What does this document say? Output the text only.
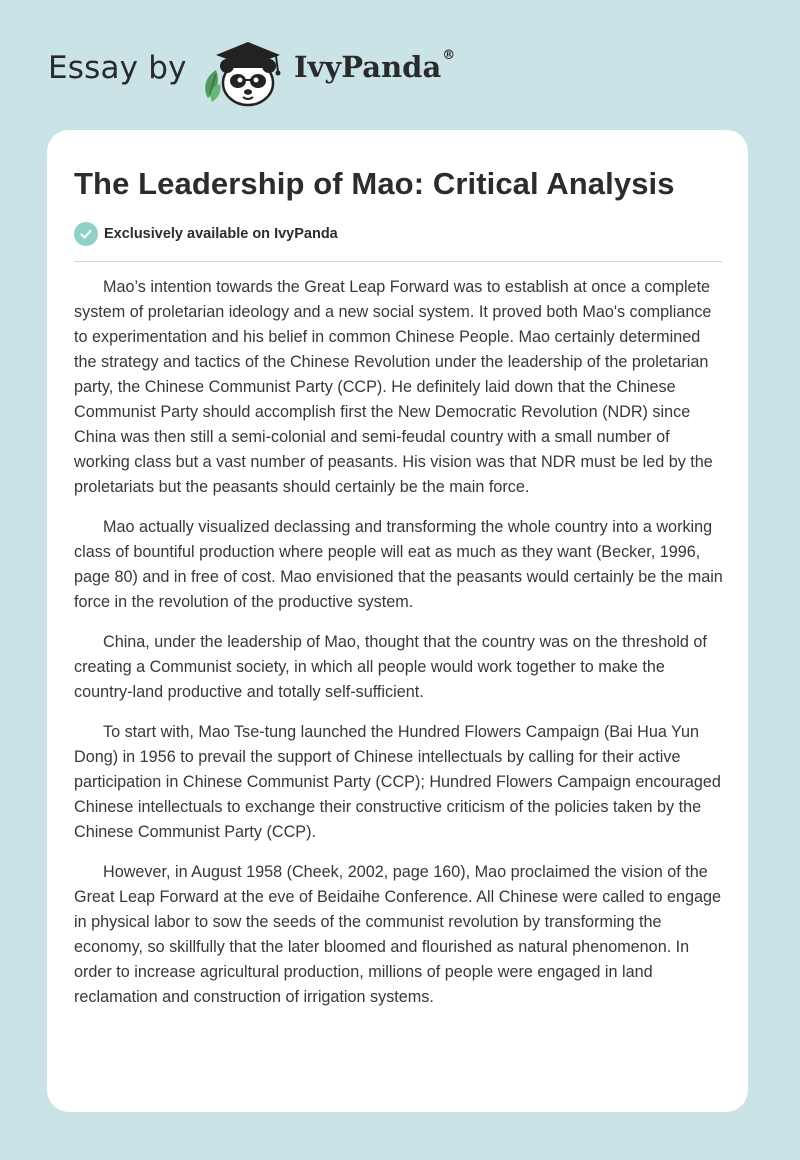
Essay by	IvyPanda®
The Leadership of Mao: Critical Analysis
Exclusively available on IvyPanda

Mao’s intention towards the Great Leap Forward was to establish at once a complete system of proletarian ideology and a new social system. It proved both Mao's compliance to experimentation and his belief in common Chinese People. Mao certainly determined the strategy and tactics of the Chinese Revolution under the leadership of the proletarian party, the Chinese Communist Party (CCP). He definitely laid down that the Chinese Communist Party should accomplish first the New Democratic Revolution (NDR) since China was then still a semi-colonial and semi-feudal country with a small number of working class but a vast number of peasants. His vision was that NDR must be led by the proletariats but the peasants should certainly be the main force.

Mao actually visualized declassing and transforming the whole country into a working class of bountiful production where people will eat as much as they want (Becker, 1996, page 80) and in free of cost. Mao envisioned that the peasants would certainly be the main force in the revolution of the productive system.

China, under the leadership of Mao, thought that the country was on the threshold of creating a Communist society, in which all people would work together to make the country-land productive and totally self-sufficient.

To start with, Mao Tse-tung launched the Hundred Flowers Campaign (Bai Hua Yun Dong) in 1956 to prevail the support of Chinese intellectuals by calling for their active participation in Chinese Communist Party (CCP); Hundred Flowers Campaign encouraged Chinese intellectuals to exchange their constructive criticism of the policies taken by the Chinese Communist Party (CCP).

However, in August 1958 (Cheek, 2002, page 160), Mao proclaimed the vision of the Great Leap Forward at the eve of Beidaihe Conference. All Chinese were called to engage in physical labor to sow the seeds of the communist revolution by transforming the economy, so skillfully that the later bloomed and flourished as natural phenomenon. In order to increase agricultural production, millions of people were engaged in land reclamation and construction of irrigation systems.
